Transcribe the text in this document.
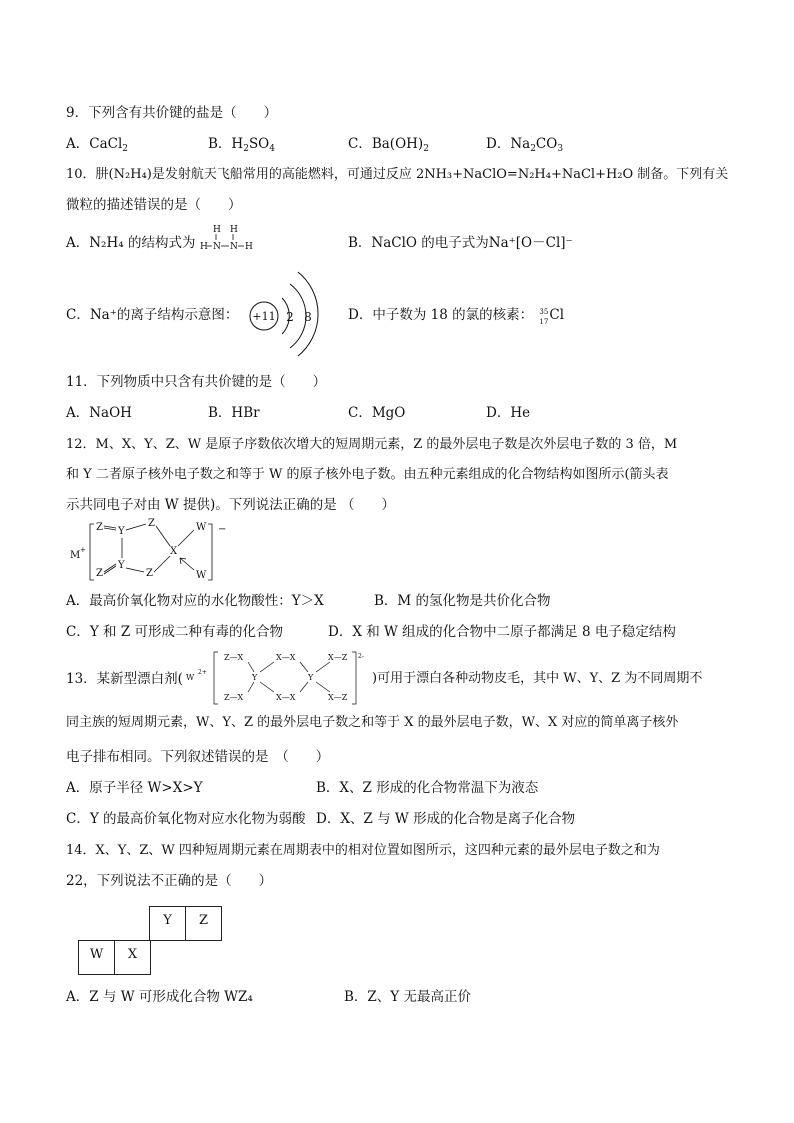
9．下列含有共价键的盐是（　　）
A．CaCl$_2$	B．$H_2SO_4$	C．$Ba(OH)_2$	D．$Na_2CO_3$
10．肼(N₂H₄)是发射航天飞船常用的高能燃料，可通过反应 2NH₃+NaClO=N₂H₄+NaCl+H₂O 制备。下列有关
微粒的描述错误的是（　　）
A．N₂H₄ 的结构式为
H H
H N N H	B．NaClO 的电子式为Na⁺[O－Cl]⁻
C．Na⁺的离子结构示意图： +11 2 8	D．中子数为 18 的氯的核素： 35
17 Cl
11．下列物质中只含有共价键的是（　　）
A．NaOH	B．HBr	C．MgO	D．He
12．M、X、Y、Z、W 是原子序数依次增大的短周期元素，Z 的最外层电子数是次外层电子数的 3 倍，M
和 Y 二者原子核外电子数之和等于 W 的原子核外电子数。由五种元素组成的化合物结构如图所示(箭头表
示共同电子对由 W 提供)。下列说法正确的是 （　　）
M +
Z Y
Z
X
W
W
Z
Y
Z
−
A．最高价氧化物对应的水化物酸性：Y＞X	B．M 的氢化物是共价化合物
C．Y 和 Z 可形成二种有毒的化合物	D．X 和 W 组成的化合物中二原子都满足 8 电子稳定结构
13．某新型漂白剂( W
2+
Z—X	X—X	X—Z
Y	Y
Z—X	X—X	X—Z
2-
)可用于漂白各种动物皮毛，其中 W、Y、Z 为不同周期不
同主族的短周期元素，W、Y、Z 的最外层电子数之和等于 X 的最外层电子数，W、X 对应的简单离子核外
电子排布相同。下列叙述错误的是　（　　）
A．原子半径 W>X>Y	B．X、Z 形成的化合物常温下为液态
C．Y 的最高价氧化物对应水化物为弱酸 D．X、Z 与 W 形成的化合物是离子化合物
14．X、Y、Z、W 四种短周期元素在周期表中的相对位置如图所示，这四种元素的最外层电子数之和为
22，下列说法不正确的是（　　）
Y	Z
W	X
A．Z 与 W 可形成化合物 WZ₄	B．Z、Y 无最高正价
